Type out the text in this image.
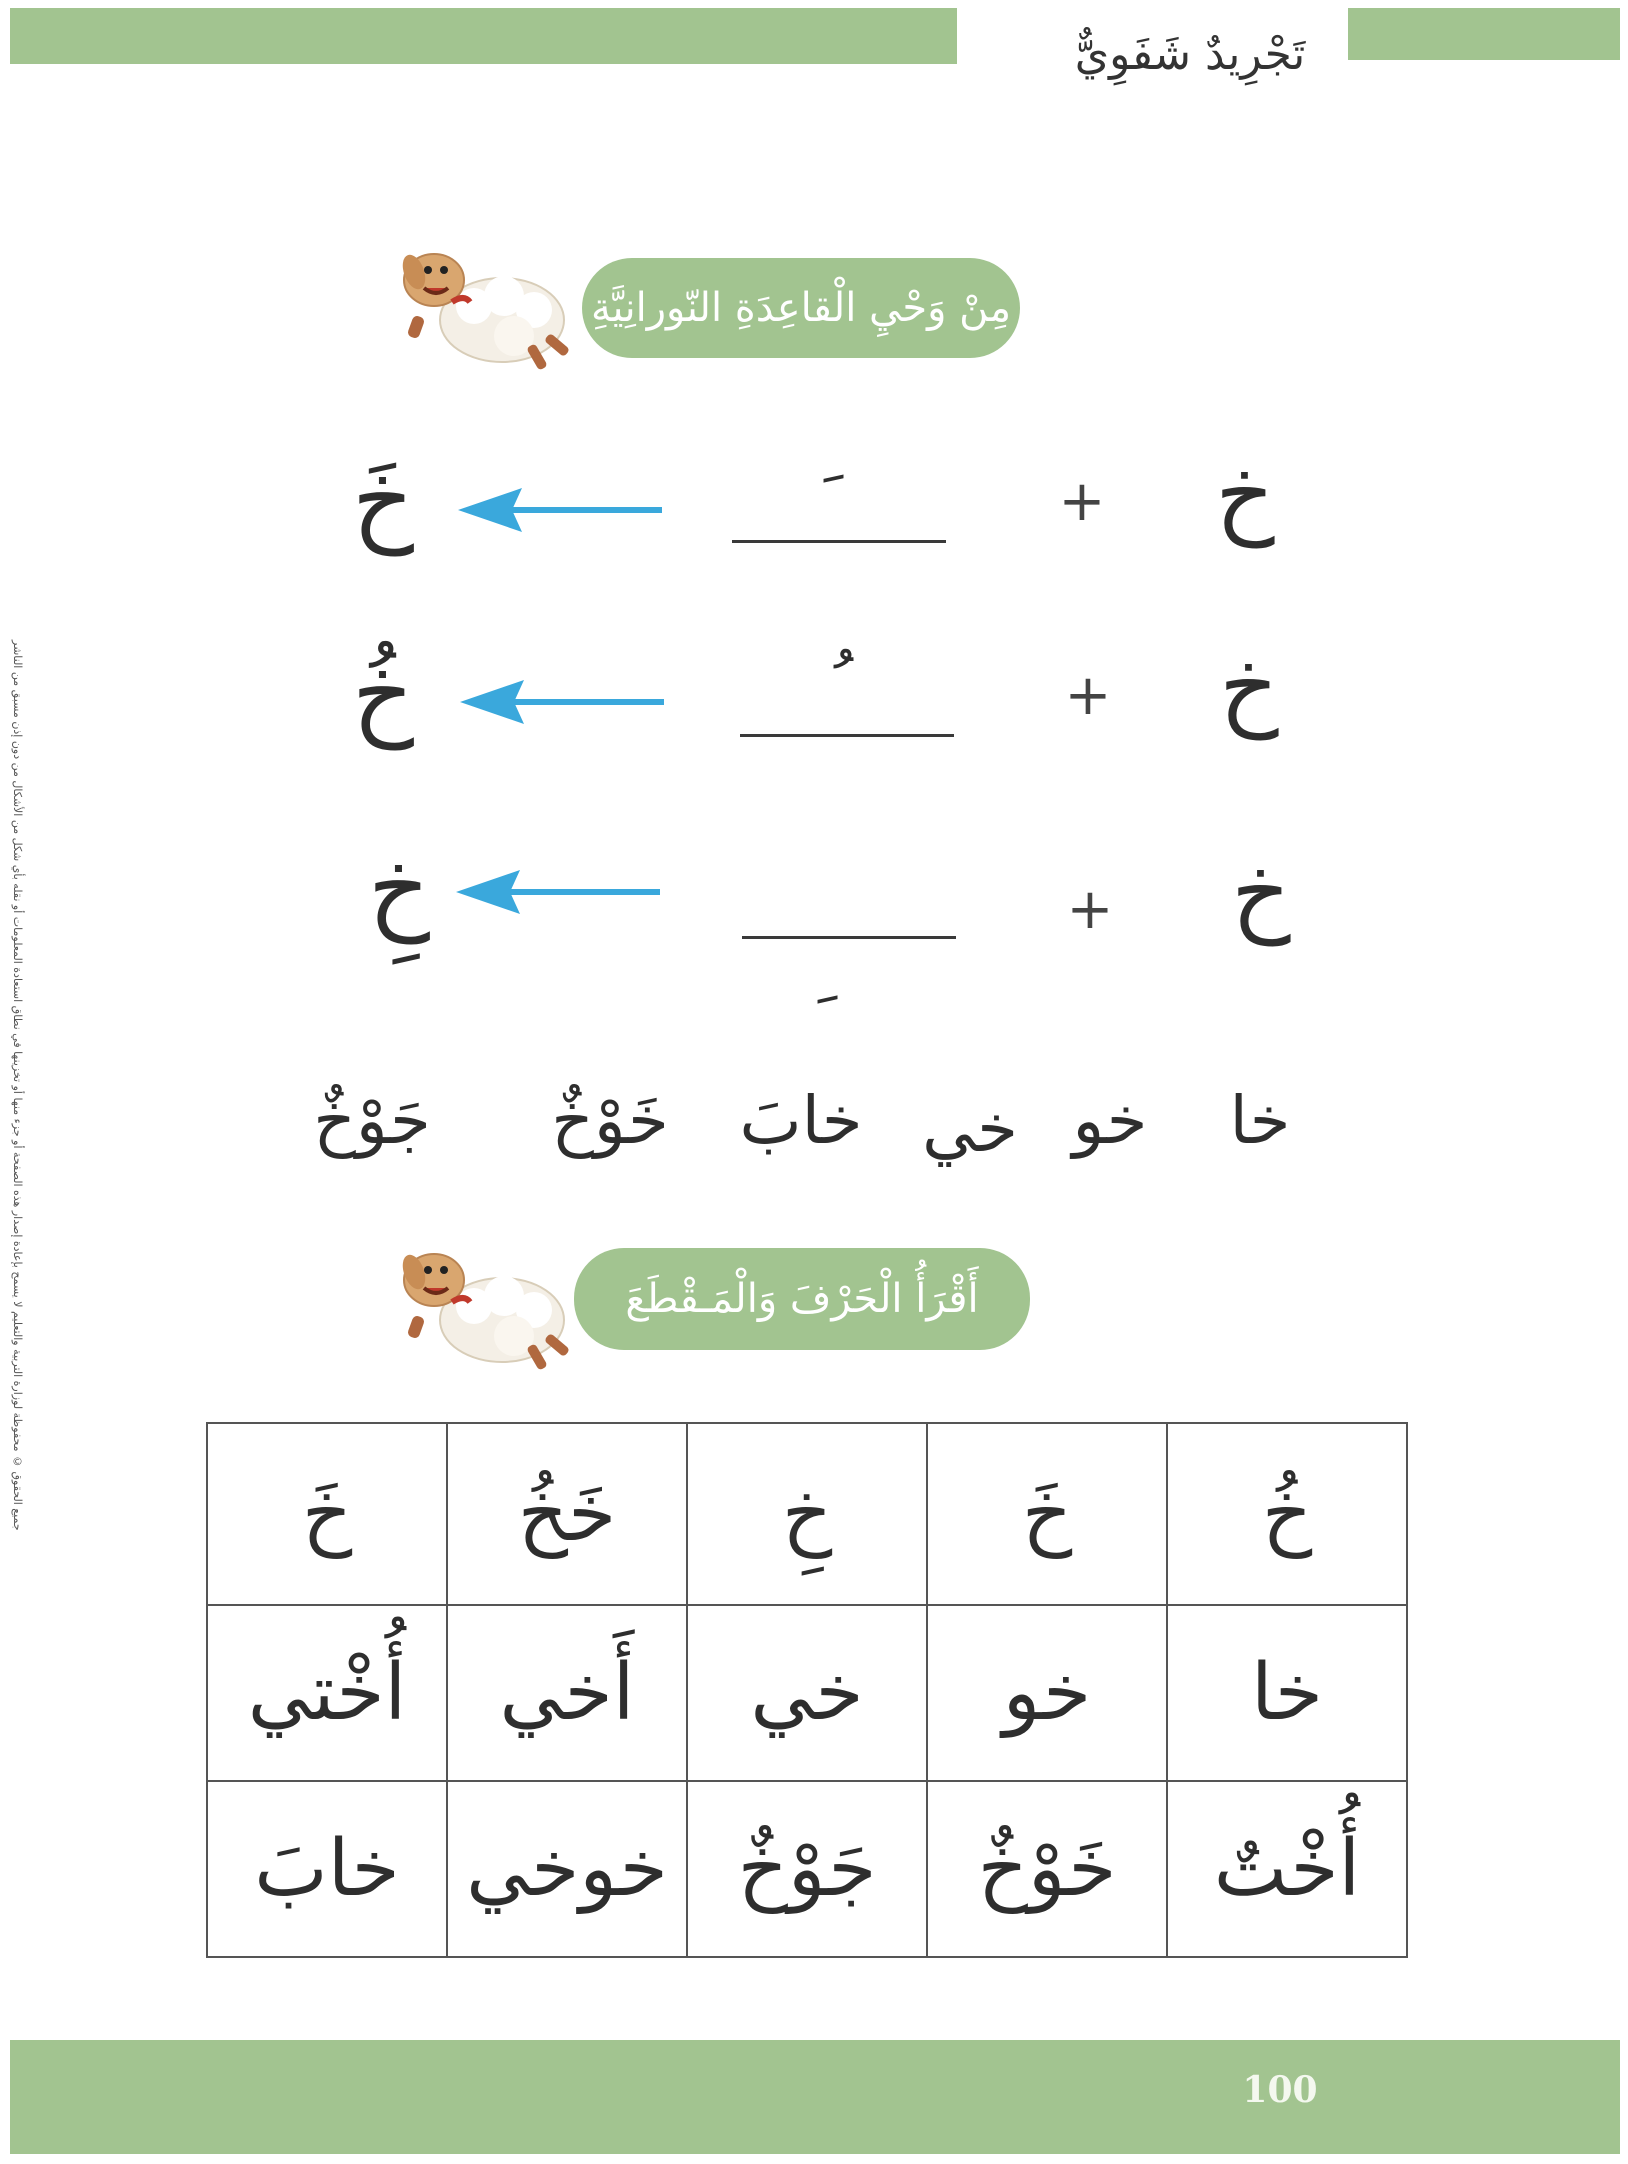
تَجْرِيدٌ شَفَوِيٌّ
جميع الحقوق © محفوظة لوزارة التربية والتعليم لا يسمح بإعادة إصدار هذه الصفحة أو جزء منها أو تخزينها في نطاق استعادة المعلومات أو نقله بأي شكل من الأشكال من دون إذن مسبق من الناشر
مِنْ وَحْيِ الْقاعِدَةِ النّورانِيَّةِ :
خ
+
خَ
خ
+
خُ
خ
+
خِ
خا
خو
خي
خابَ
خَوْخٌ
جَوْخٌ
أَقْرَأُ الْحَرْفَ وَالْمَـقْطَعَ وَالْكَلِمَةَ
خُ	خَ	خِ	خَخُ	خَ
خا	خو	خي	أَخي	أُخْتي
أُخْتٌ	خَوْخٌ	جَوْخٌ	خوخي	خابَ
100
